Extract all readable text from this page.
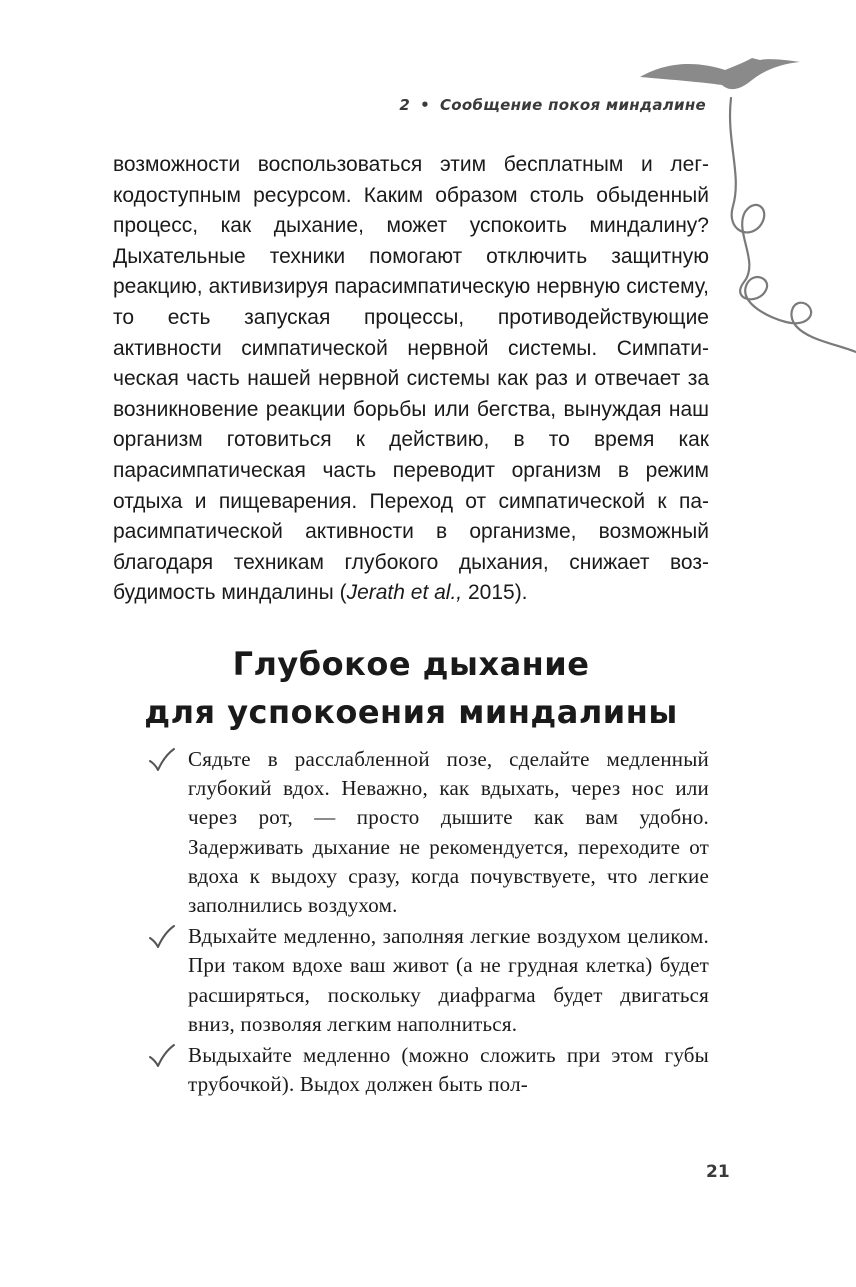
2 • Сообщение покоя миндалине

возможности воспользоваться этим бесплатным и легкодоступным ресурсом. Каким образом столь обыденный процесс, как дыхание, может успокоить миндалину? Дыхательные техники помогают отключить защитную реакцию, активизируя парасимпатическую нервную систему, то есть запуская процессы, противодействующие активности симпатической нервной системы. Симпатическая часть нашей нервной системы как раз и отвечает за возникновение реакции борьбы или бегства, вынуждая наш организм готовиться к действию, в то время как парасимпатическая часть переводит организм в режим отдыха и пищеварения. Переход от симпатической к парасимпатической активности в организме, возможный благодаря техникам глубокого дыхания, снижает возбудимость миндалины (Jerath et al., 2015).

Глубокое дыхание
для успокоения миндалины
Сядьте в расслабленной позе, сделайте медленный глубокий вдох. Неважно, как вдыхать, через нос или через рот, — просто дышите как вам удобно. Задерживать дыхание не рекомендуется, переходите от вдоха к выдоху сразу, когда почувствуете, что легкие заполнились воздухом.
Вдыхайте медленно, заполняя легкие воздухом целиком. При таком вдохе ваш живот (а не грудная клетка) будет расширяться, поскольку диафрагма будет двигаться вниз, позволяя легким наполниться.
Выдыхайте медленно (можно сложить при этом губы трубочкой). Выдох должен быть пол-
21
